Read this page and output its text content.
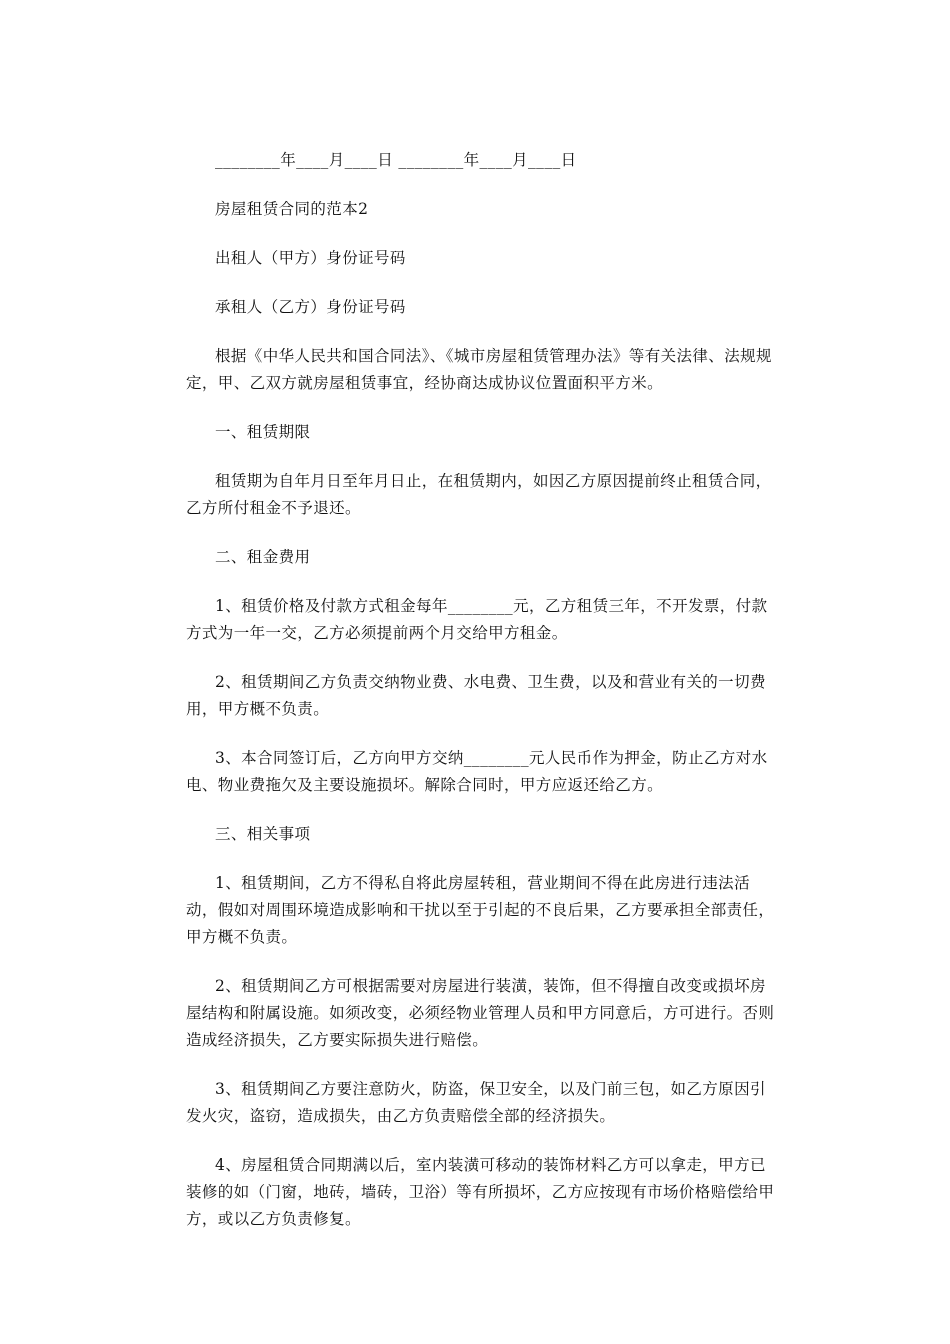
________年____月____日 ________年____月____日

房屋租赁合同的范本2

出租人（甲方）身份证号码

承租人（乙方）身份证号码

根据《中华人民共和国合同法》、《城市房屋租赁管理办法》等有关法律、法规规定，甲、乙双方就房屋租赁事宜，经协商达成协议位置面积平方米。

一、租赁期限

租赁期为自年月日至年月日止，在租赁期内，如因乙方原因提前终止租赁合同，乙方所付租金不予退还。

二、租金费用

1、租赁价格及付款方式租金每年________元，乙方租赁三年，不开发票，付款方式为一年一交，乙方必须提前两个月交给甲方租金。

2、租赁期间乙方负责交纳物业费、水电费、卫生费，以及和营业有关的一切费用，甲方概不负责。

3、本合同签订后，乙方向甲方交纳________元人民币作为押金，防止乙方对水电、物业费拖欠及主要设施损坏。解除合同时，甲方应返还给乙方。

三、相关事项

1、租赁期间，乙方不得私自将此房屋转租，营业期间不得在此房进行违法活动，假如对周围环境造成影响和干扰以至于引起的不良后果，乙方要承担全部责任，甲方概不负责。

2、租赁期间乙方可根据需要对房屋进行装潢，装饰，但不得擅自改变或损坏房屋结构和附属设施。如须改变，必须经物业管理人员和甲方同意后，方可进行。否则造成经济损失，乙方要实际损失进行赔偿。

3、租赁期间乙方要注意防火，防盗，保卫安全，以及门前三包，如乙方原因引发火灾，盗窃，造成损失，由乙方负责赔偿全部的经济损失。

4、房屋租赁合同期满以后，室内装潢可移动的装饰材料乙方可以拿走，甲方已装修的如（门窗，地砖，墙砖，卫浴）等有所损坏，乙方应按现有市场价格赔偿给甲方，或以乙方负责修复。
